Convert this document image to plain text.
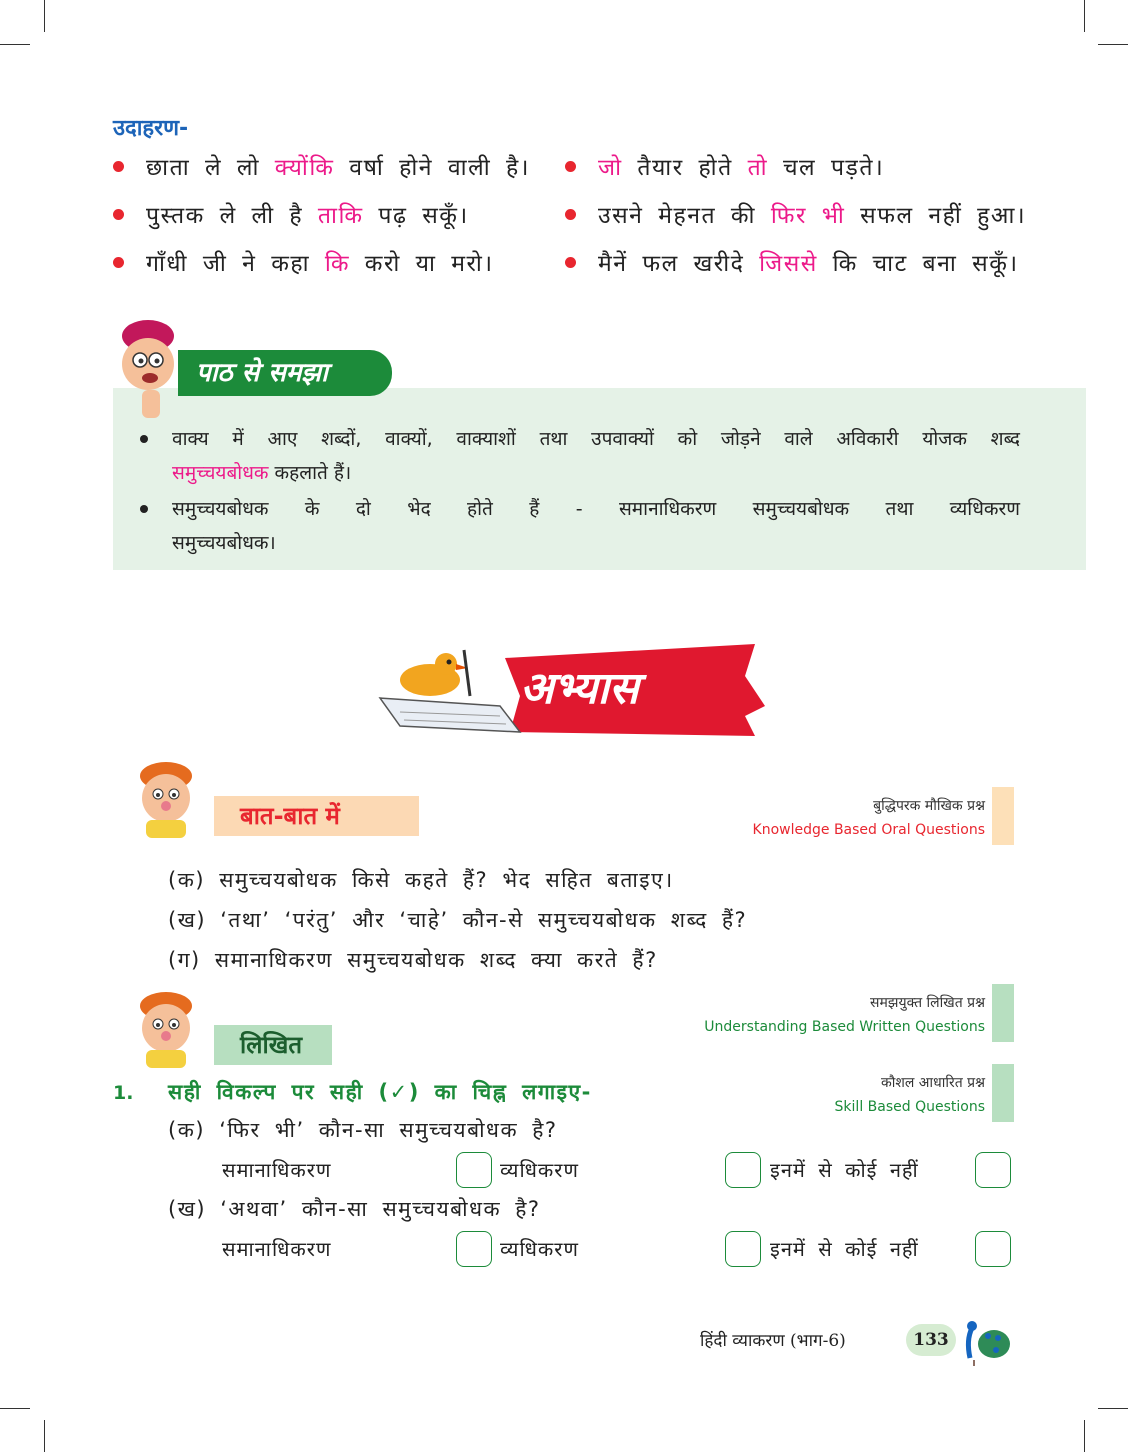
उदाहरण-
छाता ले लो क्योंकि वर्षा होने वाली है।	जो तैयार होते तो चल पड़ते।
पुस्तक ले ली है ताकि पढ़ सकूँ।	उसने मेहनत की फिर भी सफल नहीं हुआ।
गाँधी जी ने कहा कि करो या मरो।	मैनें फल खरीदे जिससे कि चाट बना सकूँ।
पाठ से समझा
वाक्य में आए शब्दों, वाक्यों, वाक्याशों तथा उपवाक्यों को जोड़ने वाले अविकारी योजक शब्द
समुच्चयबोधक कहलाते हैं।
समुच्चयबोधक के दो भेद होते हैं - समानाधिकरण समुच्चयबोधक तथा व्यधिकरण
समुच्चयबोधक।
अभ्यास
बात-बात में	बुद्धिपरक मौखिक प्रश्न
Knowledge Based Oral Questions
(क) समुच्चयबोधक किसे कहते हैं? भेद सहित बताइए।
(ख) ‘तथा’ ‘परंतु’ और ‘चाहे’ कौन-से समुच्चयबोधक शब्द हैं?
(ग) समानाधिकरण समुच्चयबोधक शब्द क्या करते हैं?
लिखित
समझयुक्त लिखित प्रश्न
Understanding Based Written Questions
कौशल आधारित प्रश्न
Skill Based Questions
1. सही विकल्प पर सही (✓) का चिह्न लगाइए-
(क) ‘फिर भी’ कौन-सा समुच्चयबोधक है?
समानाधिकरण	व्यधिकरण	इनमें से कोई नहीं
(ख) ‘अथवा’ कौन-सा समुच्चयबोधक है?
समानाधिकरण	व्यधिकरण	इनमें से कोई नहीं
हिंदी व्याकरण (भाग-6)	133
